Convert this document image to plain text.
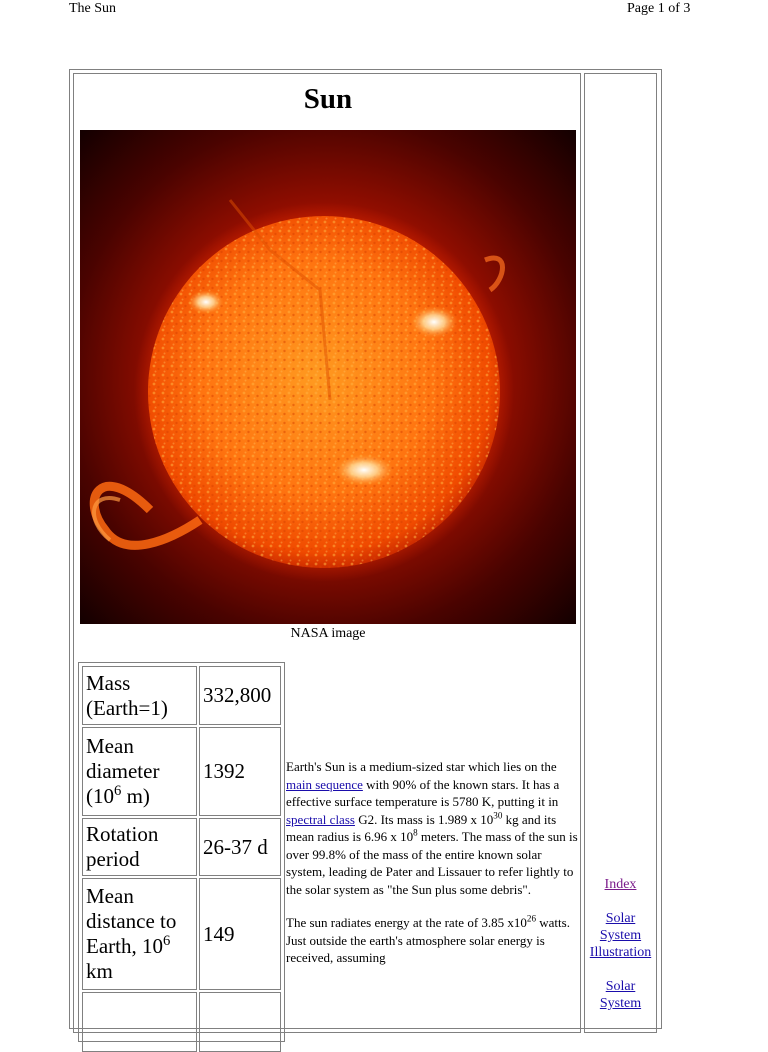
The Sun	Page 1 of 3
Sun
NASA image
Mass (Earth=1)
332,800
Mean diameter ($10^6$ m)
1392
Rotation period
26-37 d
Mean distance to Earth, $10^6$ km
149

Earth's Sun is a medium-sized star which lies on the main sequence with 90% of the known stars. It has a effective surface temperature is 5780 K, putting it in spectral class G2. Its mass is 1.989 x $10^{30}$ kg and its mean radius is 6.96 x $10^8$ meters. The mass of the sun is over 99.8% of the mass of the entire known solar system, leading de Pater and Lissauer to refer lightly to the solar system as "the Sun plus some debris".

The sun radiates energy at the rate of 3.85 $x10^{26}$ watts. Just outside the earth's atmosphere solar energy is received, assuming

Index
Solar System Illustration
Solar System
